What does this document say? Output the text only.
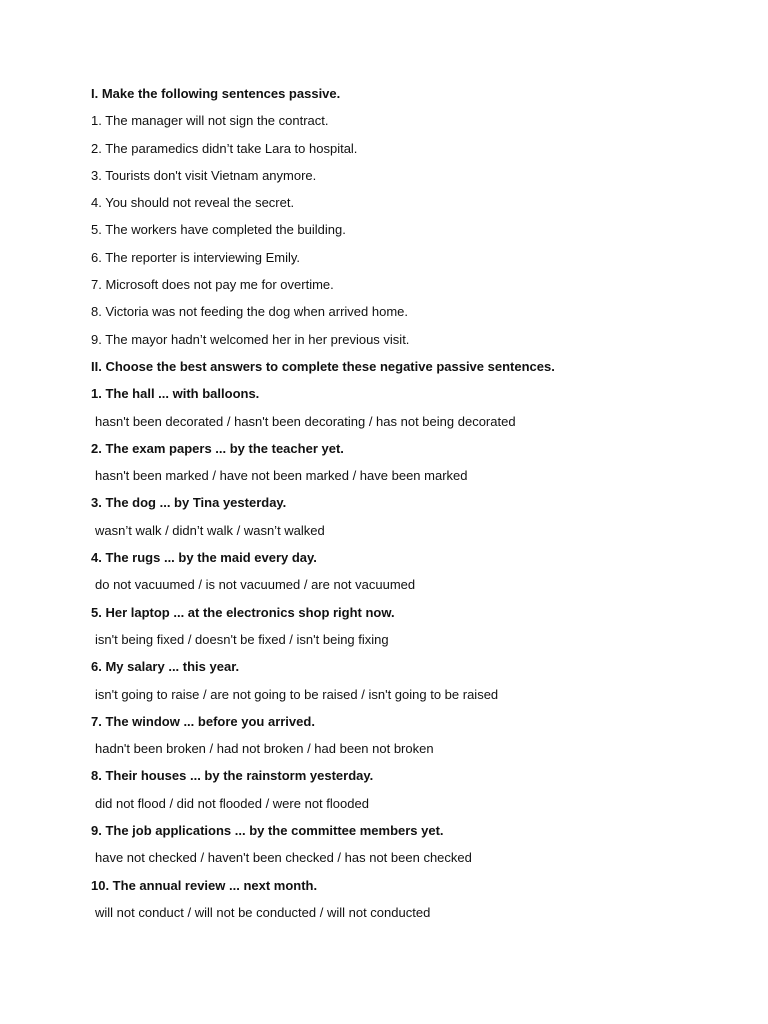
I. Make the following sentences passive.
1. The manager will not sign the contract.
2. The paramedics didn’t take Lara to hospital.
3. Tourists don't visit Vietnam anymore.
4. You should not reveal the secret.
5. The workers have completed the building.
6. The reporter is interviewing Emily.
7. Microsoft does not pay me for overtime.
8. Victoria was not feeding the dog when arrived home.
9. The mayor hadn’t welcomed her in her previous visit.
II. Choose the best answers to complete these negative passive sentences.
1. The hall ... with balloons.
hasn't been decorated / hasn't been decorating / has not being decorated
2. The exam papers ... by the teacher yet.
hasn't been marked / have not been marked / have been marked
3. The dog ... by Tina yesterday.
wasn’t walk / didn’t walk / wasn’t walked
4. The rugs ... by the maid every day.
do not vacuumed / is not vacuumed / are not vacuumed
5. Her laptop ... at the electronics shop right now.
isn't being fixed / doesn't be fixed / isn't being fixing
6. My salary ... this year.
isn't going to raise / are not going to be raised / isn't going to be raised
7. The window ... before you arrived.
hadn't been broken / had not broken / had been not broken
8. Their houses ... by the rainstorm yesterday.
did not flood / did not flooded / were not flooded
9. The job applications ... by the committee members yet.
have not checked / haven't been checked / has not been checked
10. The annual review ... next month.
will not conduct / will not be conducted / will not conducted
